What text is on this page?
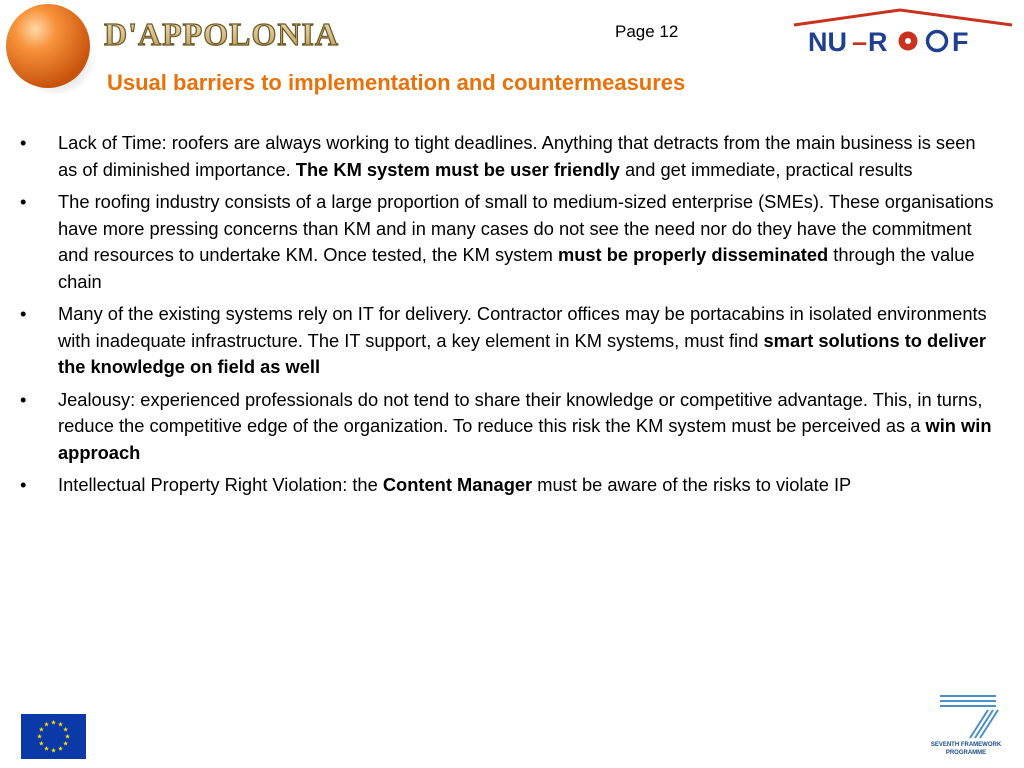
D'APPOLONIA	Page 12	NU – R F
Usual barriers to implementation and countermeasures
• Lack of Time: roofers are always working to tight deadlines. Anything that detracts from the main business is seen as of diminished importance. The KM system must be user friendly and get immediate, practical results
• The roofing industry consists of a large proportion of small to medium-sized enterprise (SMEs). These organisations have more pressing concerns than KM and in many cases do not see the need nor do they have the commitment and resources to undertake KM. Once tested, the KM system must be properly disseminated through the value chain
• Many of the existing systems rely on IT for delivery. Contractor offices may be portacabins in isolated environments with inadequate infrastructure. The IT support, a key element in KM systems, must find smart solutions to deliver the knowledge on field as well
• Jealousy: experienced professionals do not tend to share their knowledge or competitive advantage. This, in turns, reduce the competitive edge of the organization. To reduce this risk the KM system must be perceived as a win win approach
• Intellectual Property Right Violation: the Content Manager must be aware of the risks to violate IP
SEVENTH FRAMEWORK
PROGRAMME
